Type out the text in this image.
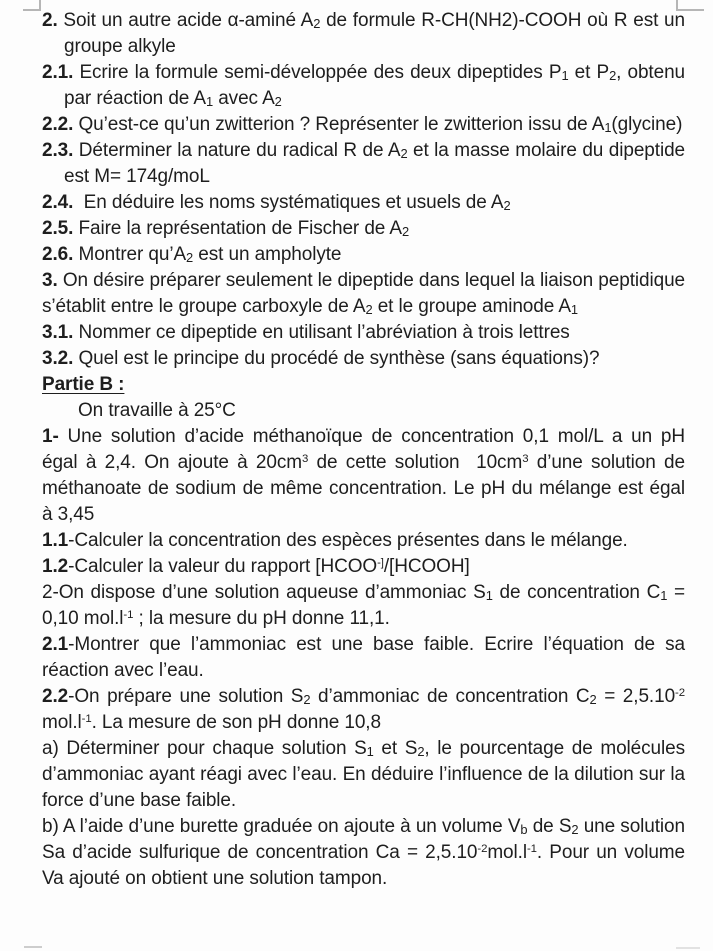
2. Soit un autre acide α-aminé $A_2$ de formule R-CH(NH2)-COOH où R est un groupe alkyle

2.1. Ecrire la formule semi-développée des deux dipeptides $P_1$ et $P_2$, obtenu par réaction de $A_1$ avec $A_2$

2.2. Qu’est-ce qu’un zwitterion ? Représenter le zwitterion issu de $A_1(glycine)$

2.3. Déterminer la nature du radical R de $A_2$ et la masse molaire du dipeptide est M= 174g/moL

2.4.  En déduire les noms systématiques et usuels de $A_2$

2.5. Faire la représentation de Fischer de $A_2$

2.6. Montrer $qu’A_2$ est un ampholyte

3. On désire préparer seulement le dipeptide dans lequel la liaison peptidique s’établit entre le groupe carboxyle de $A_2$ et le groupe aminode $A_1$

3.1. Nommer ce dipeptide en utilisant l’abréviation à trois lettres

3.2. Quel est le principe du procédé de synthèse (sans équations)?

Partie B :

On travaille à 25°C

1- Une solution d’acide méthanoïque de concentration 0,1 mol/L a un pH égal à 2,4. On ajoute à $20cm^3$ de cette solution  $10cm^3$ d’une solution de méthanoate de sodium de même concentration. Le pH du mélange est égal à 3,45

1.1-Calculer la concentration des espèces présentes dans le mélange.

1.2-Calculer la valeur du rapport [HCOO-]/[HCOOH]

2-On dispose d’une solution aqueuse d’ammoniac $S_1$ de concentration $C_1 = 0,10$ $mol.l^{-1}$ ; la mesure du pH donne 11,1.

2.1-Montrer que l’ammoniac est une base faible. Ecrire l’équation de sa réaction avec l’eau.

2.2-On prépare une solution $S_2$ d’ammoniac de concentration $C_2 = 2,5.10^{-2}$ $mol.l^{-1}$. La mesure de son pH donne 10,8

a) Déterminer pour chaque solution $S_1$ et $S_2$, le pourcentage de molécules d’ammoniac ayant réagi avec l’eau. En déduire l’influence de la dilution sur la force d’une base faible.

b) A l’aide d’une burette graduée on ajoute à un volume $V_b$ de $S_2$ une solution Sa d’acide sulfurique de concentration $Ca = 2,5.10^{-2}mol.l^{-1}$. Pour un volume Va ajouté on obtient une solution tampon.
